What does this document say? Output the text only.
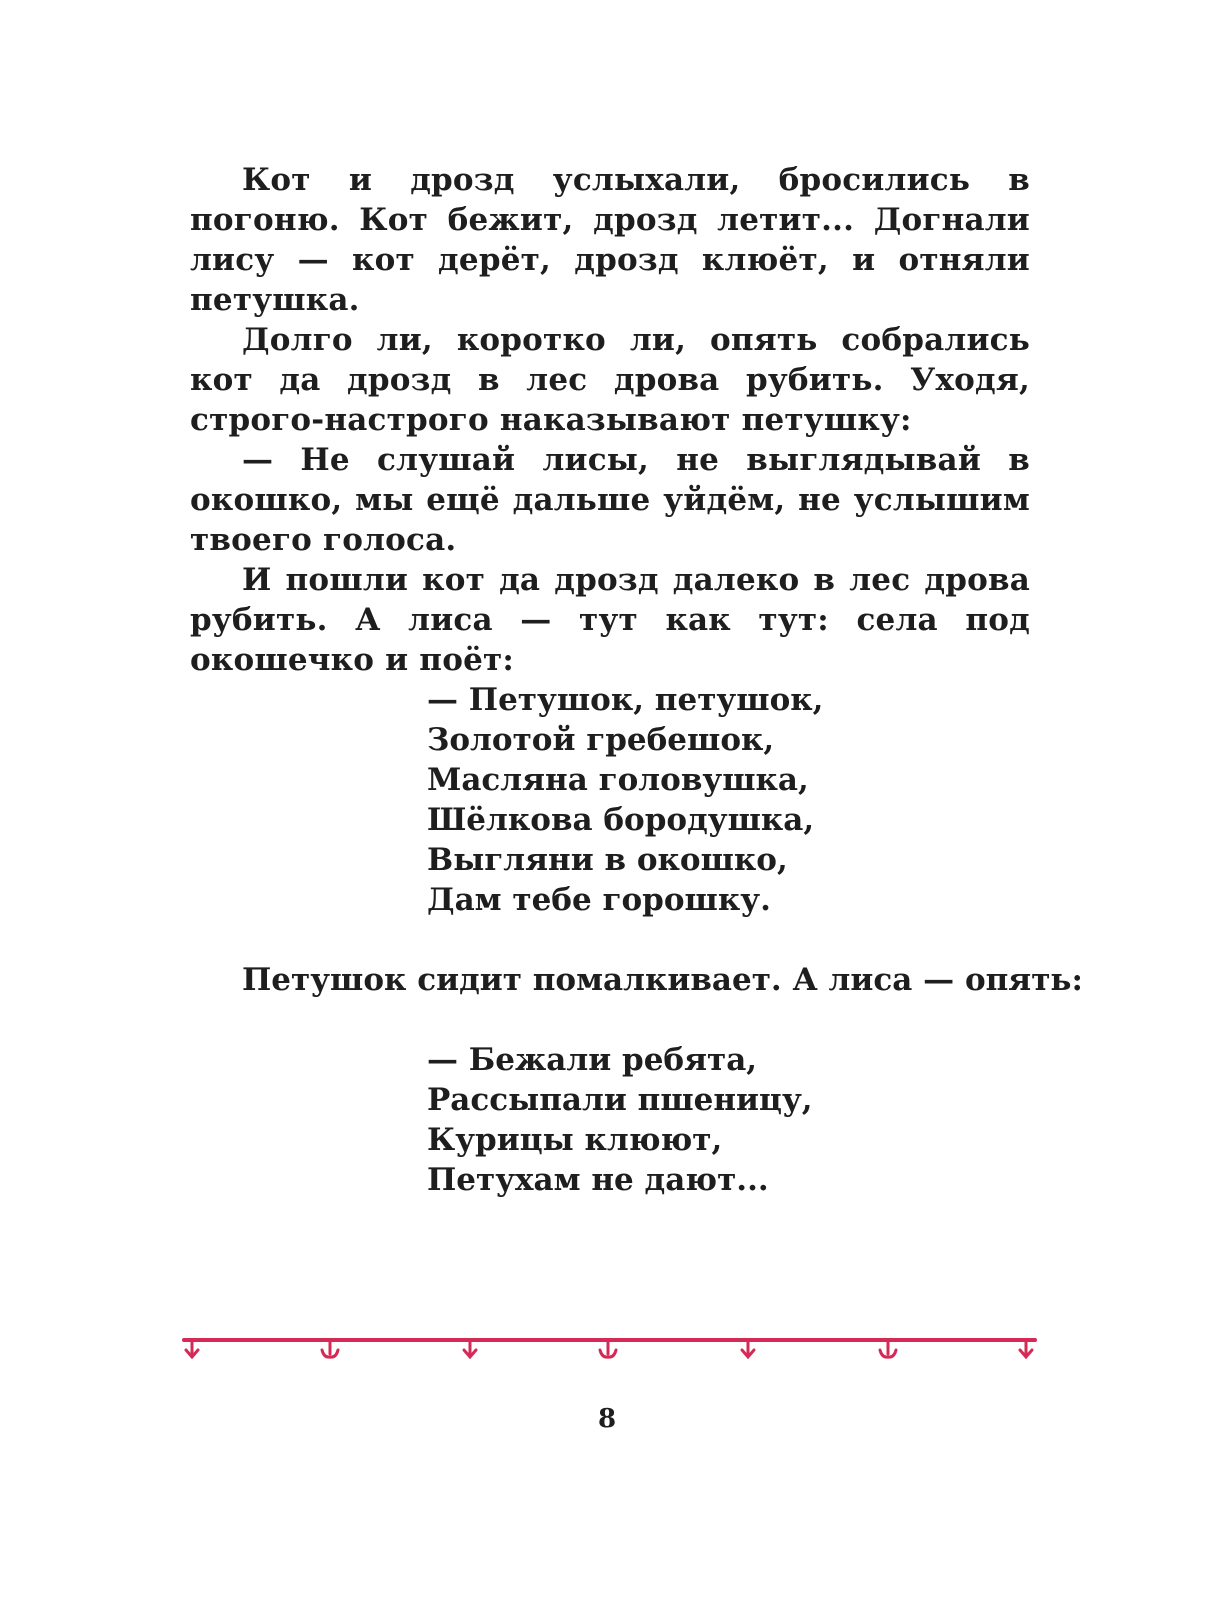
Кот и дрозд услыхали, бросились в погоню. Кот бежит, дрозд летит... Догнали лису — кот дерёт, дрозд клюёт, и отняли петушка.

Долго ли, коротко ли, опять собрались кот да дрозд в лес дрова рубить. Уходя, строго-настрого наказывают петушку:

— Не слушай лисы, не выглядывай в окошко, мы ещё дальше уйдём, не услышим твоего голоса.

И пошли кот да дрозд далеко в лес дрова рубить. А лиса — тут как тут: села под окошечко и поёт:

— Петушок, петушок,
Золотой гребешок,
Масляна головушка,
Шёлкова бородушка,
Выгляни в окошко,
Дам тебе горошку.

Петушок сидит помалкивает. А лиса — опять:

— Бежали ребята,
Рассыпали пшеницу,
Курицы клюют,
Петухам не дают...
8
